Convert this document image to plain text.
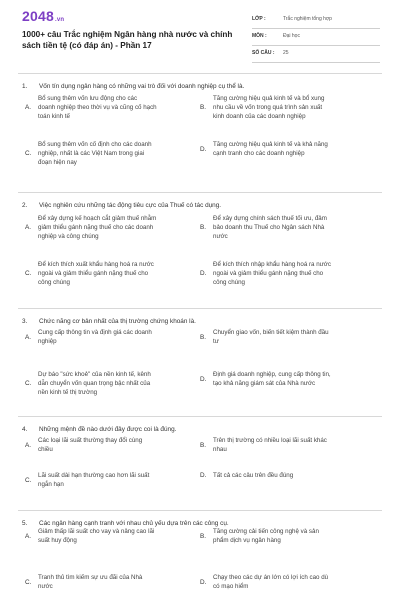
2048.vn
1000+ câu Trắc nghiệm Ngân hàng nhà nước và chính sách tiền tệ (có đáp án) - Phần 17
LỚP :	Trắc nghiệm tổng hợp
MÔN :	Đại học
SỐ CÂU : 25
1. Vốn tín dụng ngân hàng có những vai trò đối với doanh nghiệp cụ thể là.
A.
Bổ sung thêm vốn lưu động cho các
doanh nghiệp theo thời vụ và cũng cố hạch
toán kinh tế
B.
Tăng cường hiệu quả kinh tế và bổ xung
nhu cầu về vốn trong quá trình sản xuất
kinh doanh của các doanh nghiệp
C.
Bổ sung thêm vốn cố định cho các doanh
nghiệp, nhất là các Việt Nam trong giai
đoạn hiện nay
D.
Tăng cường hiệu quả kinh tế và khả năng
cạnh tranh cho các doanh nghiệp
2. Việc nghiên cứu những tác động tiêu cực của Thuế có tác dụng.
A.
Để xây dựng kế hoạch cắt giảm thuế nhằm
giảm thiểu gánh nặng thuế cho các doanh
nghiệp và công chúng
B.
Để xây dựng chính sách thuế tối ưu, đảm
bảo doanh thu Thuế cho Ngân sách Nhà
nước
C.
Để kích thích xuất khẩu hàng hoá ra nước
ngoài và giảm thiểu gánh nặng thuế cho
công chúng
D.
Để kích thích nhập khẩu hàng hoá ra nước
ngoài và giảm thiểu gánh nặng thuế cho
công chúng
3. Chức năng cơ bản nhất của thị trường chứng khoán là.
A.
Cung cấp thông tin và định giá các doanh
nghiệp
B.
Chuyển giao vốn, biến tiết kiệm thành đầu
tư
C.
Dự báo "sức khoẻ" của nền kinh tế, kênh
dẫn chuyển vốn quan trọng bậc nhất của
nền kinh tế thị trường
D.
Định giá doanh nghiệp, cung cấp thông tin,
tạo khả năng giám sát của Nhà nước
4. Những mệnh đề nào dưới đây được coi là đúng.
A.
Các loại lãi suất thường thay đổi cùng
chiều
B.
Trên thị trường có nhiều loại lãi suất khác
nhau
C.
Lãi suất dài hạn thường cao hơn lãi suất
ngắn hạn
D. Tất cả các câu trên đều đúng
5. Các ngân hàng cạnh tranh với nhau chủ yếu dựa trên các công cụ.
A.
Giảm thấp lãi suất cho vay và nâng cao lãi
suất huy động
B.
Tăng cường cải tiến công nghệ và sản
phẩm dịch vụ ngân hàng
C.
Tranh thủ tìm kiếm sự ưu đãi của Nhà
nước
D.
Chạy theo các dự án lớn có lợi ích cao dù
có mạo hiểm
